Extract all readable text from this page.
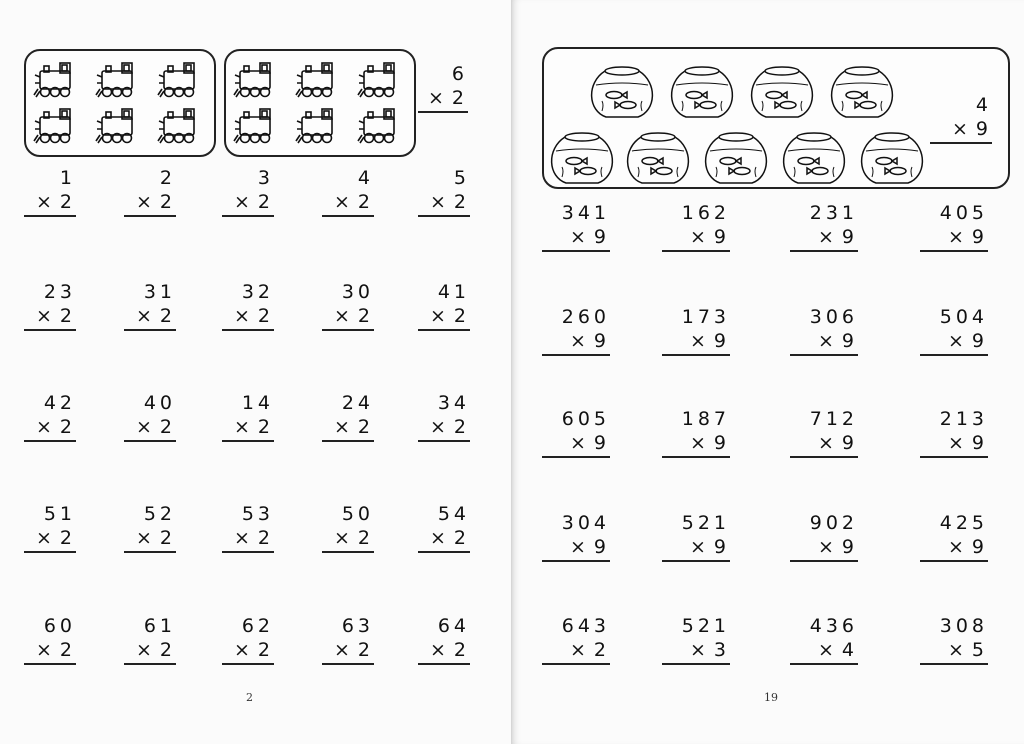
6
× 2
1
× 2
2
× 2
3
× 2
4
× 2
5
× 2
23
× 2
31
× 2
32
× 2
30
× 2
41
× 2
42
× 2
40
× 2
14
× 2
24
× 2
34
× 2
51
× 2
52
× 2
53
× 2
50
× 2
54
× 2
60
× 2
61
× 2
62
× 2
63
× 2
64
× 2
2
4
× 9
341
× 9
162
× 9
231
× 9
405
× 9
260
× 9
173
× 9
306
× 9
504
× 9
605
× 9
187
× 9
712
× 9
213
× 9
304
× 9
521
× 9
902
× 9
425
× 9
643
× 2
521
× 3
436
× 4
308
× 5
19
